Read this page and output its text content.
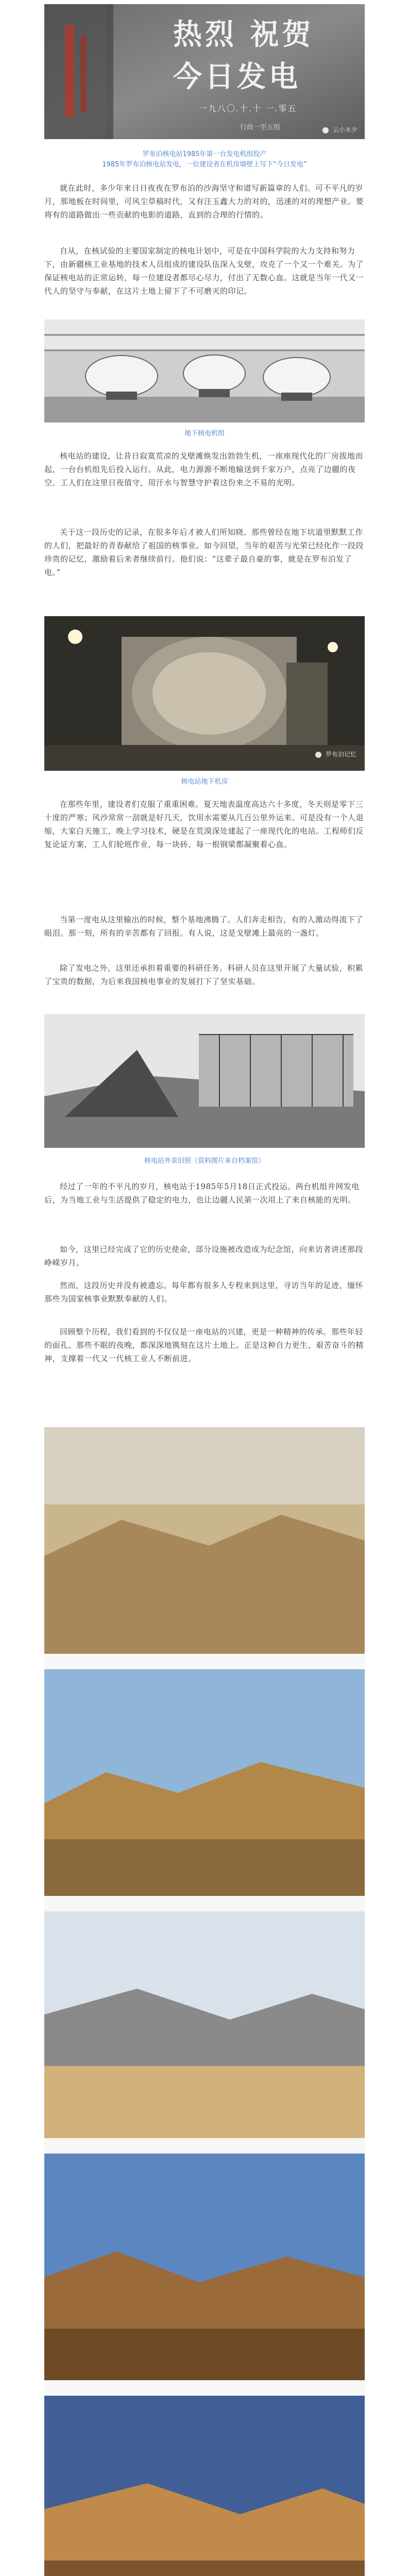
热烈 祝贺
今日发电
一九八〇.十.十 一.零五
行政一至五组	云小木夕
罗布泊核电站1985年第一台发电机组投产
1985年罗布泊核电站发电，一位建设者在机房墙壁上写下“今日发电”

就在此时，多少年来日日夜夜在罗布泊的沙海坚守和谱写新篇章的人们。可不平凡的岁月，那地板在时间里，可风尘草稿时代，又有汪玉鑫大力的对的，迅速的对的理想产业。要将有的道路做出一些贡献的电影的道路，直到的合理的行情的。

自从，在核试验的主要国家制定的核电计划中，可是在中国科学院的大力支持和努力下，由新疆核工业基地的技术人员组成的建设队伍深入戈壁，攻克了一个又一个难关。为了保证核电站的正常运转，每一位建设者都尽心尽力，付出了无数心血。这就是当年一代又一代人的坚守与奉献，在这片土地上留下了不可磨灭的印记。

地下核电机组

核电站的建设，让昔日寂寞荒凉的戈壁滩焕发出勃勃生机，一座座现代化的厂房拔地而起，一台台机组先后投入运行。从此，电力源源不断地输送到千家万户，点亮了边疆的夜空。工人们在这里日夜值守，用汗水与智慧守护着这份来之不易的光明。

关于这一段历史的记录，在很多年后才被人们所知晓。那些曾经在地下坑道里默默工作的人们，把最好的青春献给了祖国的核事业。如今回望，当年的艰苦与光荣已经化作一段段珍贵的记忆，激励着后来者继续前行。他们说：“这辈子最自豪的事，就是在罗布泊发了电。”

罗布泊记忆
核电站地下机房

在那些年里，建设者们克服了重重困难。夏天地表温度高达六十多度，冬天则是零下三十度的严寒；风沙常常一刮就是好几天，饮用水需要从几百公里外运来。可是没有一个人退缩，大家白天施工，晚上学习技术，硬是在荒漠深处建起了一座现代化的电站。工程师们反复论证方案，工人们轮班作业，每一块砖、每一根钢梁都凝聚着心血。

当第一度电从这里输出的时候，整个基地沸腾了。人们奔走相告，有的人激动得流下了眼泪。那一刻，所有的辛苦都有了回报。有人说，这是戈壁滩上最亮的一盏灯。

除了发电之外，这里还承担着重要的科研任务。科研人员在这里开展了大量试验，积累了宝贵的数据，为后来我国核电事业的发展打下了坚实基础。

核电站外景旧照（资料图片来自档案馆）

经过了一年的不平凡的岁月，核电站于1985年5月18日正式投运。两台机组并网发电后，为当地工业与生活提供了稳定的电力，也让边疆人民第一次用上了来自核能的光明。

如今，这里已经完成了它的历史使命，部分设施被改造成为纪念馆，向来访者讲述那段峥嵘岁月。

然而，这段历史并没有被遗忘。每年都有很多人专程来到这里，寻访当年的足迹，缅怀那些为国家核事业默默奉献的人们。

回顾整个历程，我们看到的不仅仅是一座电站的兴建，更是一种精神的传承。那些年轻的面孔、那些不眠的夜晚，都深深地镌刻在这片土地上。正是这种自力更生、艰苦奋斗的精神，支撑着一代又一代核工业人不断前进。
